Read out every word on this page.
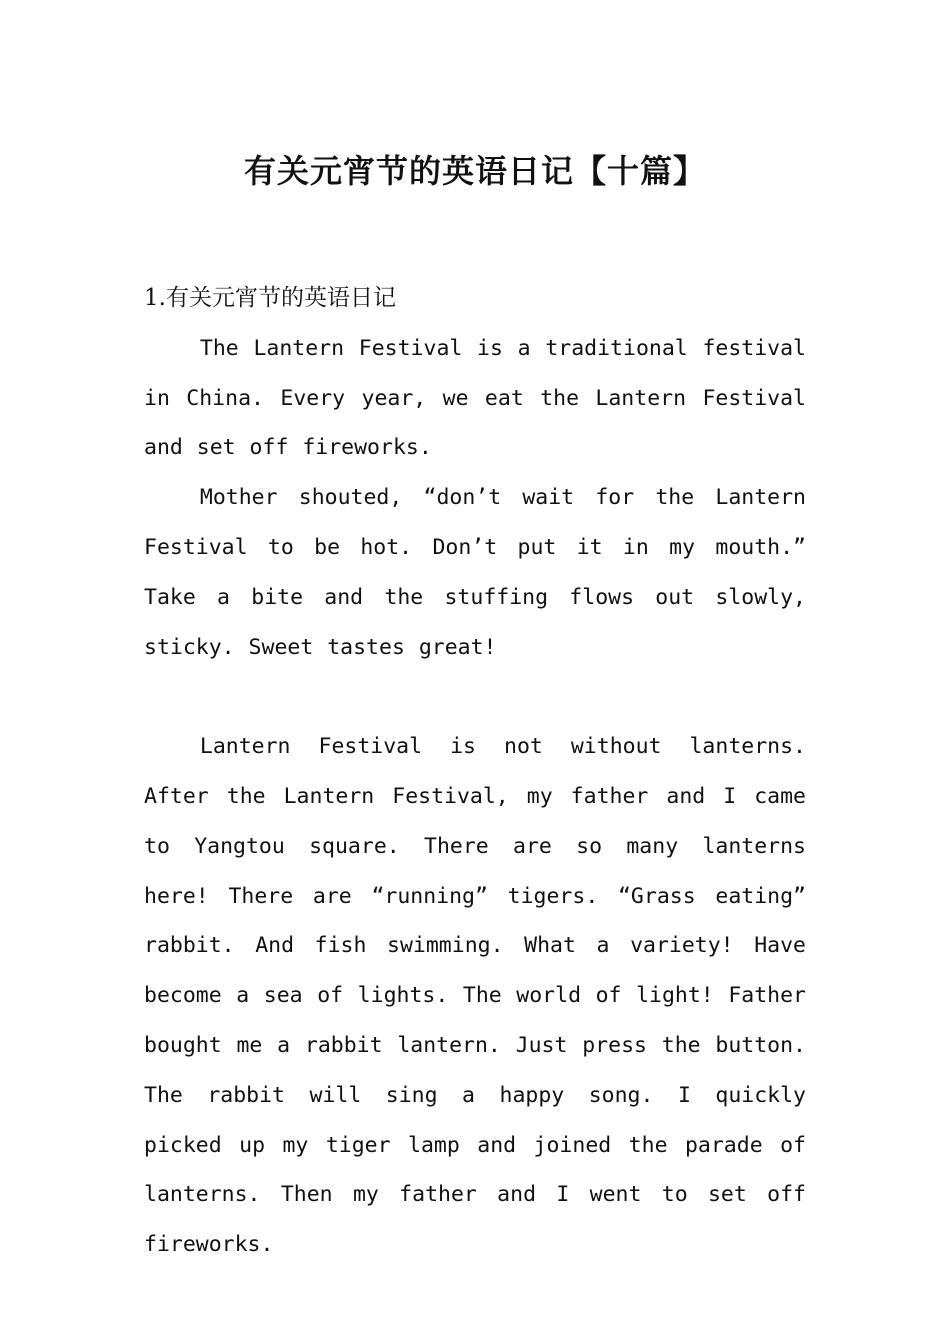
有关元宵节的英语日记【十篇】

1.有关元宵节的英语日记

The Lantern Festival is a traditional festival in China. Every year, we eat the Lantern Festival and set off fireworks.

Mother shouted, “don’t wait for the Lantern Festival to be hot. Don’t put it in my mouth.” Take a bite and the stuffing flows out slowly, sticky. Sweet tastes great!

Lantern Festival is not without lanterns. After the Lantern Festival, my father and I came to Yangtou square. There are so many lanterns here! There are “running” tigers. “Grass eating” rabbit. And fish swimming. What a variety! Have become a sea of lights. The world of light! Father bought me a rabbit lantern. Just press the button. The rabbit will sing a happy song. I quickly picked up my tiger lamp and joined the parade of lanterns. Then my father and I went to set off fireworks.
